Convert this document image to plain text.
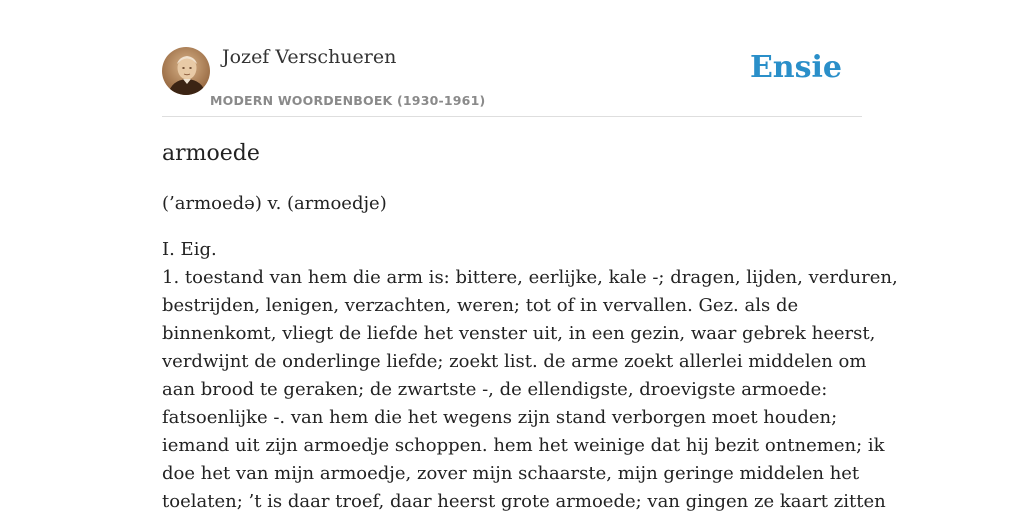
Jozef Verschueren
MODERN WOORDENBOEK (1930-1961)
Ensie
armoede
(’armoedə) v. (armoedje)
I. Eig.
1. toestand van hem die arm is: bittere, eerlijke, kale -; dragen, lijden, verduren,
bestrijden, lenigen, verzachten, weren; tot of in vervallen. Gez. als de
binnenkomt, vliegt de liefde het venster uit, in een gezin, waar gebrek heerst,
verdwijnt de onderlinge liefde; zoekt list. de arme zoekt allerlei middelen om
aan brood te geraken; de zwartste -, de ellendigste, droevigste armoede:
fatsoenlijke -. van hem die het wegens zijn stand verborgen moet houden;
iemand uit zijn armoedje schoppen. hem het weinige dat hij bezit ontnemen; ik
doe het van mijn armoedje, zover mijn schaarste, mijn geringe middelen het
toelaten; ’t is daar troef, daar heerst grote armoede; van gingen ze kaart zitten
